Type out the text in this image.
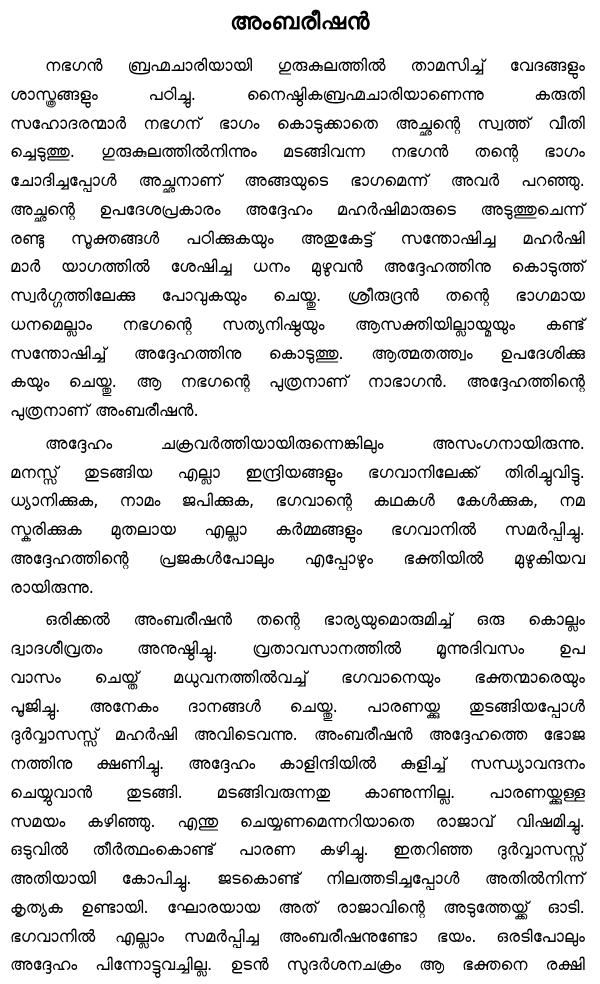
അംബരീഷൻ
നഭഗൻ ബ്രഹ്മചാരിയായി ഗുരുകുലത്തിൽ താമസിച്ച് വേദങ്ങളും
ശാസ്ത്രങ്ങളും പഠിച്ചു. നൈഷ്ഠികബ്രഹ്മചാരിയാണെന്നു കരുതി
സഹോദരന്മാർ നഭഗന് ഭാഗം കൊടുക്കാതെ അച്ഛന്റെ സ്വത്ത് വീതി
ച്ചെടുത്തു. ഗുരുകുലത്തിൽനിന്നും മടങ്ങിവന്ന നഭഗൻ തന്റെ ഭാഗം
ചോദിച്ചപ്പോൾ അച്ഛനാണ് അങ്ങയുടെ ഭാഗമെന്ന് അവർ പറഞ്ഞു.
അച്ഛന്റെ ഉപദേശപ്രകാരം അദ്ദേഹം മഹർഷിമാരുടെ അടുത്തുചെന്ന്
രണ്ടു സൂക്തങ്ങൾ പഠിക്കുകയും അതുകേട്ട് സന്തോഷിച്ച മഹർഷി
മാർ യാഗത്തിൽ ശേഷിച്ച ധനം മുഴുവൻ അദ്ദേഹത്തിനു കൊടുത്ത്
സ്വർഗ്ഗത്തിലേക്കു പോവുകയും ചെയ്തു. ശ്രീരുദ്രൻ തന്റെ ഭാഗമായ
ധനമെല്ലാം നഭഗന്റെ സത്യനിഷ്ഠയും ആസക്തിയില്ലായ്മയും കണ്ട്
സന്തോഷിച്ച് അദ്ദേഹത്തിനു കൊടുത്തു. ആത്മതത്ത്വം ഉപദേശിക്കു
കയും ചെയ്തു. ആ നഭഗന്റെ പുത്രനാണ് നാഭാഗൻ. അദ്ദേഹത്തിന്റെ
പുത്രനാണ് അംബരീഷൻ.
അദ്ദേഹം ചക്രവർത്തിയായിരുന്നെങ്കിലും അസംഗനായിരുന്നു.
മനസ്സ് തുടങ്ങിയ എല്ലാ ഇന്ദ്രിയങ്ങളും ഭഗവാനിലേക്ക് തിരിച്ചുവിട്ടു.
ധ്യാനിക്കുക, നാമം ജപിക്കുക, ഭഗവാന്റെ കഥകൾ കേൾക്കുക, നമ
സ്കരിക്കുക മുതലായ എല്ലാ കർമ്മങ്ങളും ഭഗവാനിൽ സമർപ്പിച്ചു.
അദ്ദേഹത്തിന്റെ പ്രജകൾപോലും എപ്പോഴും ഭക്തിയിൽ മുഴുകിയവ
രായിരുന്നു.
ഒരിക്കൽ അംബരീഷൻ തന്റെ ഭാര്യയുമൊരുമിച്ച് ഒരു കൊല്ലം
ദ്വാദശീവ്രതം അനുഷ്ഠിച്ചു. വ്രതാവസാനത്തിൽ മൂന്നുദിവസം ഉപ
വാസം ചെയ്ത് മധുവനത്തിൽവച്ച് ഭഗവാനെയും ഭക്തന്മാരെയും
പൂജിച്ചു. അനേകം ദാനങ്ങൾ ചെയ്തു. പാരണയ്ക്കു തുടങ്ങിയപ്പോൾ
ദുർവ്വാസസ്സ് മഹർഷി അവിടെവന്നു. അംബരീഷൻ അദ്ദേഹത്തെ ഭോജ
നത്തിനു ക്ഷണിച്ചു. അദ്ദേഹം കാളിന്ദിയിൽ കുളിച്ച് സന്ധ്യാവന്ദനം
ചെയ്യുവാൻ തുടങ്ങി. മടങ്ങിവരുന്നതു കാണുന്നില്ല. പാരണയ്ക്കുള്ള
സമയം കഴിഞ്ഞു. എന്തു ചെയ്യണമെന്നറിയാതെ രാജാവ് വിഷമിച്ചു.
ഒടുവിൽ തീർത്ഥംകൊണ്ട് പാരണ കഴിച്ചു. ഇതറിഞ്ഞ ദുർവ്വാസസ്സ്
അതിയായി കോപിച്ചു. ജടകൊണ്ട് നിലത്തടിച്ചപ്പോൾ അതിൽനിന്ന്
കൃത്യക ഉണ്ടായി. ഘോരയായ അത് രാജാവിന്റെ അടുത്തേയ്ക്ക് ഓടി.
ഭഗവാനിൽ എല്ലാം സമർപ്പിച്ച അംബരീഷനുണ്ടോ ഭയം. ഒരടിപോലും
അദ്ദേഹം പിന്നോട്ടുവച്ചില്ല. ഉടൻ സുദർശനചക്രം ആ ഭക്തനെ രക്ഷി
